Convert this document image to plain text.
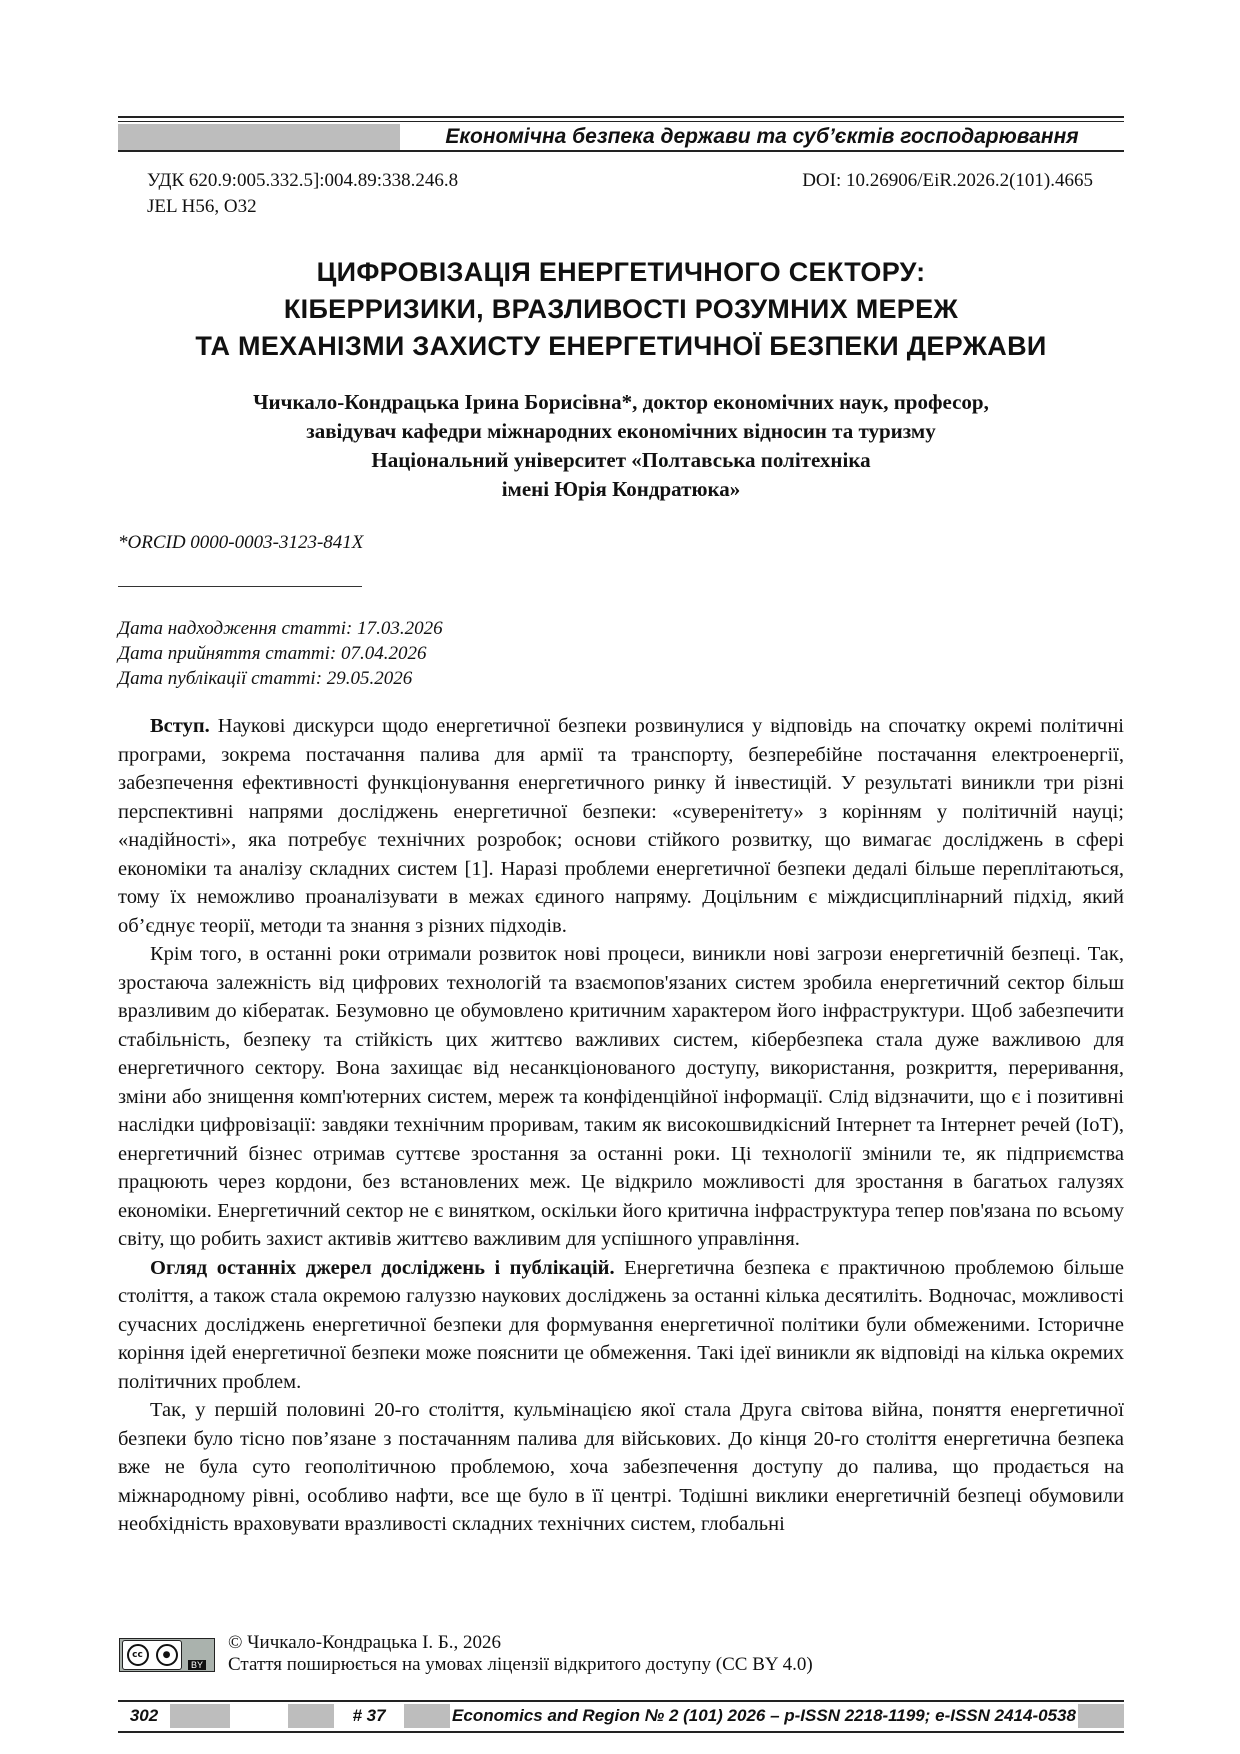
Економічна безпека держави та суб’єктів господарювання
УДК 620.9:005.332.5]:004.89:338.246.8
JEL H56, O32
DOI: 10.26906/EiR.2026.2(101).4665
ЦИФРОВІЗАЦІЯ ЕНЕРГЕТИЧНОГО СЕКТОРУ:
КІБЕРРИЗИКИ, ВРАЗЛИВОСТІ РОЗУМНИХ МЕРЕЖ
ТА МЕХАНІЗМИ ЗАХИСТУ ЕНЕРГЕТИЧНОЇ БЕЗПЕКИ ДЕРЖАВИ
Чичкало-Кондрацька Ірина Борисівна*, доктор економічних наук, професор,
завідувач кафедри міжнародних економічних відносин та туризму
Національний університет «Полтавська політехніка
імені Юрія Кондратюка»
*ORCID 0000-0003-3123-841X
Дата надходження статті: 17.03.2026
Дата прийняття статті: 07.04.2026
Дата публікації статті: 29.05.2026

Вступ. Наукові дискурси щодо енергетичної безпеки розвинулися у відповідь на спочатку окремі політичні програми, зокрема постачання палива для армії та транспорту, безперебійне постачання електроенергії, забезпечення ефективності функціонування енергетичного ринку й інвестицій. У результаті виникли три різні перспективні напрями досліджень енергетичної безпеки: «суверенітету» з корінням у політичній науці; «надійності», яка потребує технічних розробок; основи стійкого розвитку, що вимагає досліджень в сфері економіки та аналізу складних систем [1]. Наразі проблеми енергетичної безпеки дедалі більше переплітаються, тому їх неможливо проаналізувати в межах єдиного напряму. Доцільним є міждисциплінарний підхід, який об’єднує теорії, методи та знання з різних підходів.

Крім того, в останні роки отримали розвиток нові процеси, виникли нові загрози енергетичній безпеці. Так, зростаюча залежність від цифрових технологій та взаємопов'язаних систем зробила енергетичний сектор більш вразливим до кібератак. Безумовно це обумовлено критичним характером його інфраструктури. Щоб забезпечити стабільність, безпеку та стійкість цих життєво важливих систем, кібербезпека стала дуже важливою для енергетичного сектору. Вона захищає від несанкціонованого доступу, використання, розкриття, переривання, зміни або знищення комп'ютерних систем, мереж та конфіденційної інформації. Слід відзначити, що є і позитивні наслідки цифровізації: завдяки технічним проривам, таким як високошвидкісний Інтернет та Інтернет речей (IoT), енергетичний бізнес отримав суттєве зростання за останні роки. Ці технології змінили те, як підприємства працюють через кордони, без встановлених меж. Це відкрило можливості для зростання в багатьох галузях економіки. Енергетичний сектор не є винятком, оскільки його критична інфраструктура тепер пов'язана по всьому світу, що робить захист активів життєво важливим для успішного управління.

Огляд останніх джерел досліджень і публікацій. Енергетична безпека є практичною проблемою більше століття, а також стала окремою галуззю наукових досліджень за останні кілька десятиліть. Водночас, можливості сучасних досліджень енергетичної безпеки для формування енергетичної політики були обмеженими. Історичне коріння ідей енергетичної безпеки може пояснити це обмеження. Такі ідеї виникли як відповіді на кілька окремих політичних проблем.

Так, у першій половині 20-го століття, кульмінацією якої стала Друга світова війна, поняття енергетичної безпеки було тісно пов’язане з постачанням палива для військових. До кінця 20-го століття енергетична безпека вже не була суто геополітичною проблемою, хоча забезпечення доступу до палива, що продається на міжнародному рівні, особливо нафти, все ще було в її центрі. Тодішні виклики енергетичній безпеці обумовили необхідність враховувати вразливості складних технічних систем, глобальні

cc	●
BY
© Чичкало-Кондрацька І. Б., 2026
Стаття поширюється на умовах ліцензії відкритого доступу (CC BY 4.0)
302	# 37	Economics and Region № 2 (101) 2026 – p-ISSN 2218-1199; e-ISSN 2414-0538
